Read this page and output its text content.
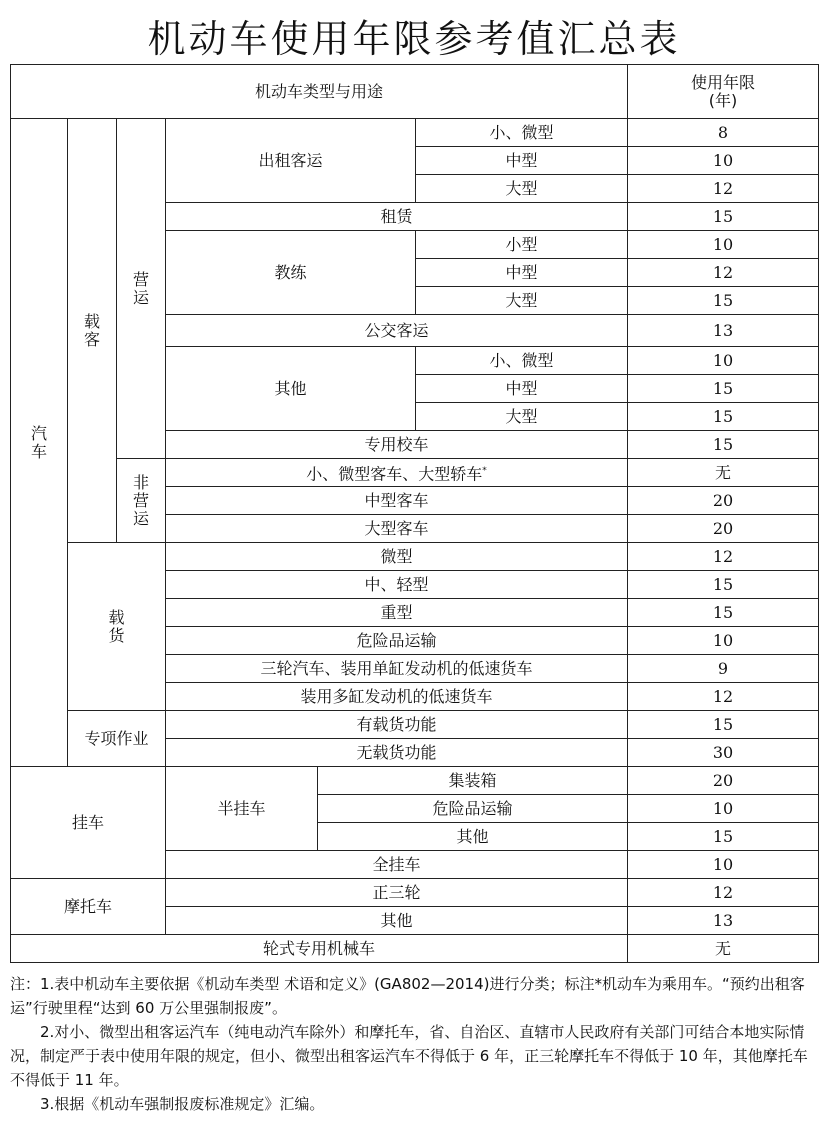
机动车使用年限参考值汇总表
机动车类型与用途						使用年限
(年)
汽车	载客	营运	出租客运		小、微型	8
					中型	10
					大型	12
			租赁			15
			教练		小型	10
					中型	12
					大型	15
			公交客运			13
			其他		小、微型	10
					中型	15
					大型	15
			专用校车			15
		非营运	小、微型客车、大型轿车*			无
			中型客车			20
			大型客车			20

	载货		微型			12
			中、轻型			15
			重型			15
			危险品运输			10
			三轮汽车、装用单缸发动机的低速货车			9
			装用多缸发动机的低速货车			12
	专项作业		有载货功能			15
			无载货功能			30
挂车			半挂车	集装箱		20
				危险品运输		10
				其他		15
			全挂车			10
摩托车			正三轮			12
			其他			13
轮式专用机械车						无

注：1.表中机动车主要依据《机动车类型 术语和定义》(GA802—2014)进行分类；标注*机动车为乘用车。“预约出租客运”行驶里程“达到 60 万公里强制报废”。

2.对小、微型出租客运汽车（纯电动汽车除外）和摩托车，省、自治区、直辖市人民政府有关部门可结合本地实际情况，制定严于表中使用年限的规定，但小、微型出租客运汽车不得低于 6 年，正三轮摩托车不得低于 10 年，其他摩托车不得低于 11 年。

3.根据《机动车强制报废标准规定》汇编。
